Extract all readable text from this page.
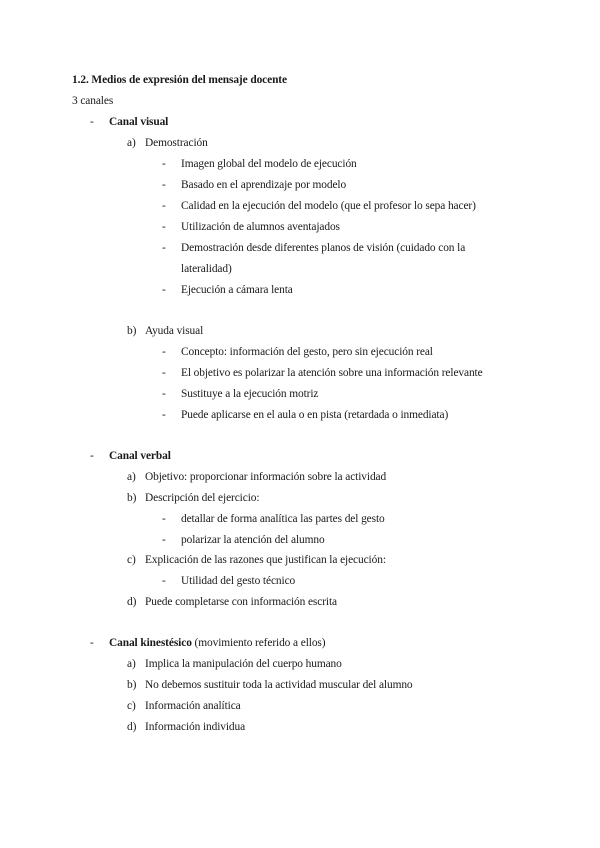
1.2. Medios de expresión del mensaje docente
3 canales
- Canal visual
a) Demostración
- Imagen global del modelo de ejecución
- Basado en el aprendizaje por modelo
- Calidad en la ejecución del modelo (que el profesor lo sepa hacer)
- Utilización de alumnos aventajados
- Demostración desde diferentes planos de visión (cuidado con la
lateralidad)
- Ejecución a cámara lenta
b) Ayuda visual
- Concepto: información del gesto, pero sin ejecución real
- El objetivo es polarizar la atención sobre una información relevante
- Sustituye a la ejecución motriz
- Puede aplicarse en el aula o en pista (retardada o inmediata)
- Canal verbal
a) Objetivo: proporcionar información sobre la actividad
b) Descripción del ejercicio:
- detallar de forma analítica las partes del gesto
- polarizar la atención del alumno
c) Explicación de las razones que justifican la ejecución:
- Utilidad del gesto técnico
d) Puede completarse con información escrita
- Canal kinestésico (movimiento referido a ellos)
a) Implica la manipulación del cuerpo humano
b) No debemos sustituir toda la actividad muscular del alumno
c) Información analítica
d) Información individua
